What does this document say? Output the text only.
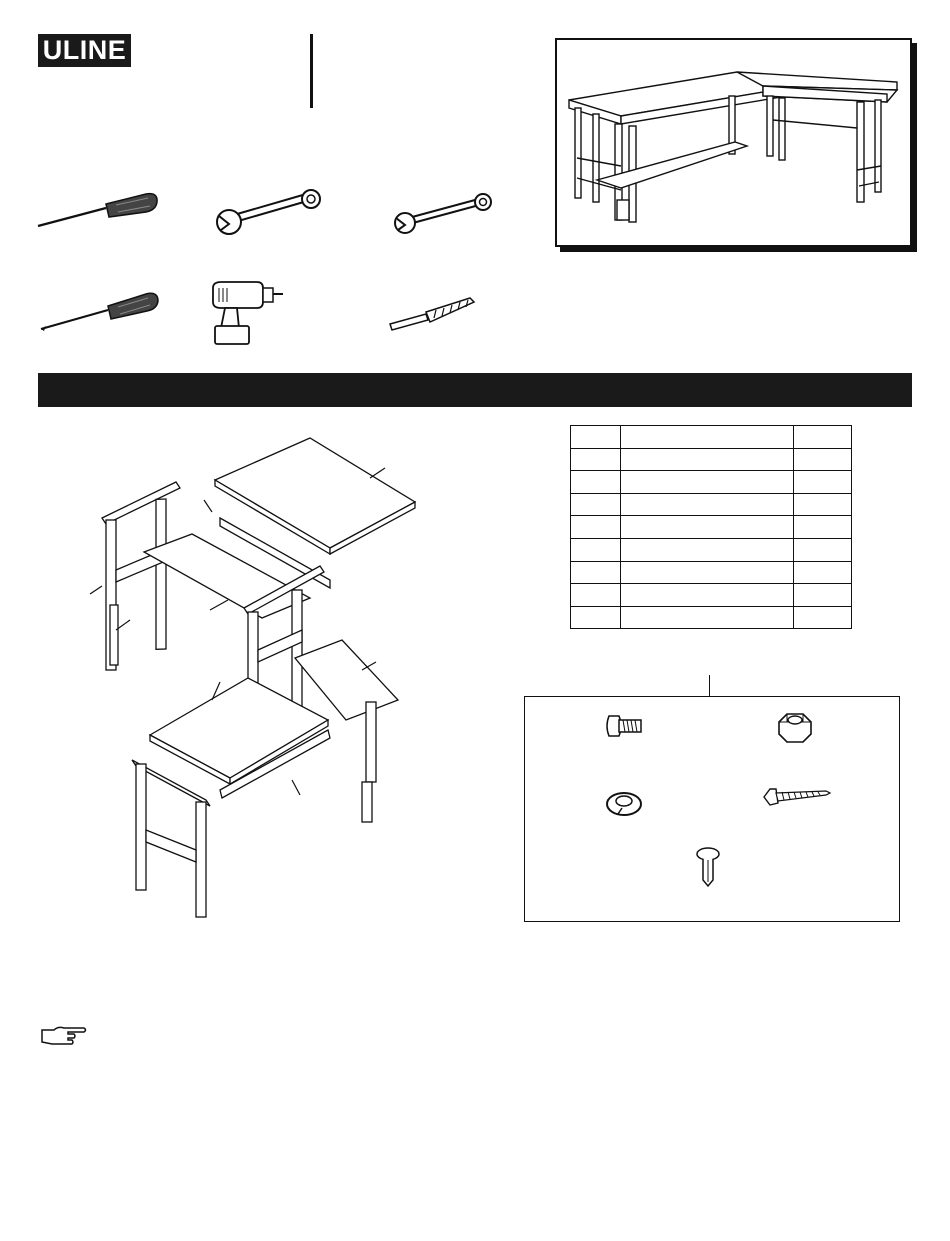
ULINE
